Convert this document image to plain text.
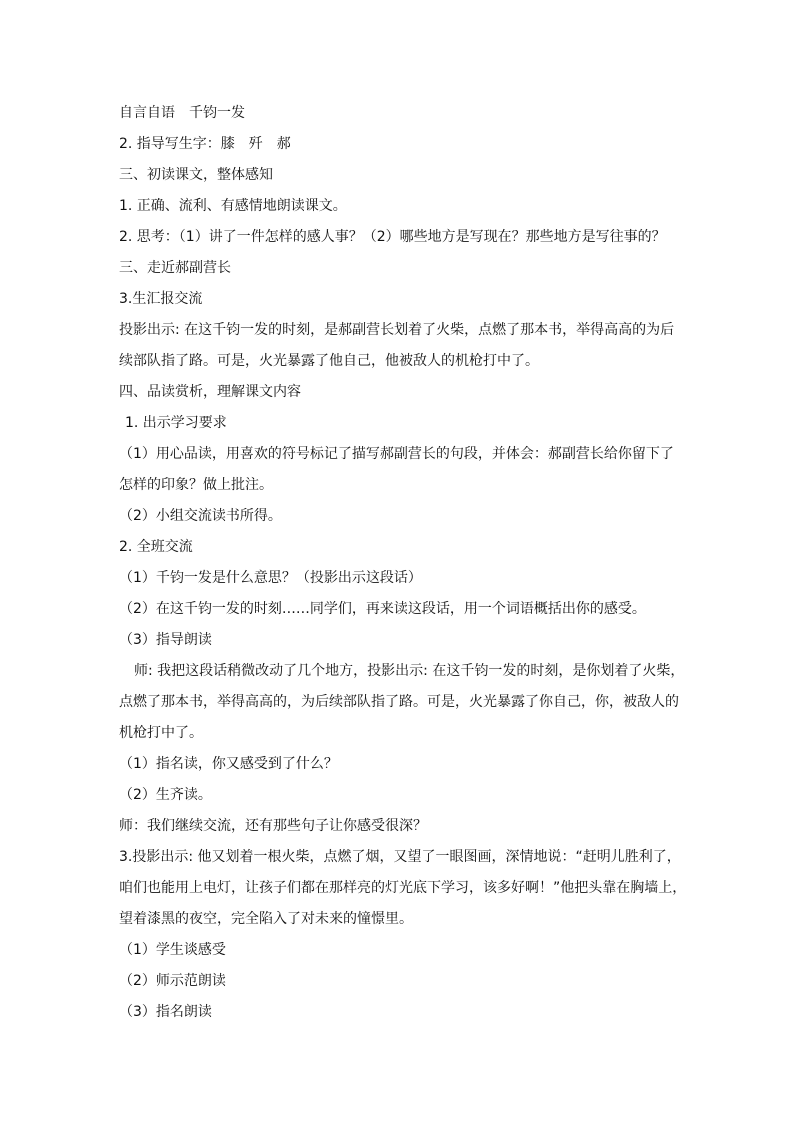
自言自语　千钧一发
2. 指导写生字：膝　歼　郝
三、初读课文，整体感知
1. 正确、流利、有感情地朗读课文。
2. 思考：（1）讲了一件怎样的感人事？（2）哪些地方是写现在？那些地方是写往事的？
三、走近郝副营长
3.生汇报交流
投影出示: 在这千钧一发的时刻，是郝副营长划着了火柴，点燃了那本书，举得高高的为后
续部队指了路。可是，火光暴露了他自己，他被敌人的机枪打中了。
四、品读赏析，理解课文内容
1. 出示学习要求
（1）用心品读，用喜欢的符号标记了描写郝副营长的句段，并体会：郝副营长给你留下了
怎样的印象？做上批注。
（2）小组交流读书所得。
2. 全班交流
（1）千钧一发是什么意思？（投影出示这段话）
（2）在这千钧一发的时刻……同学们，再来读这段话，用一个词语概括出你的感受。
（3）指导朗读
师: 我把这段话稍微改动了几个地方，投影出示: 在这千钧一发的时刻，是你划着了火柴，
点燃了那本书，举得高高的，为后续部队指了路。可是，火光暴露了你自己，你，被敌人的
机枪打中了。
（1）指名读，你又感受到了什么？
（2）生齐读。
师：我们继续交流，还有那些句子让你感受很深？
3.投影出示: 他又划着一根火柴，点燃了烟，又望了一眼图画，深情地说：“赶明儿胜利了，
咱们也能用上电灯，让孩子们都在那样亮的灯光底下学习，该多好啊！”他把头靠在胸墙上，
望着漆黑的夜空，完全陷入了对未来的憧憬里。
（1）学生谈感受
（2）师示范朗读
（3）指名朗读
